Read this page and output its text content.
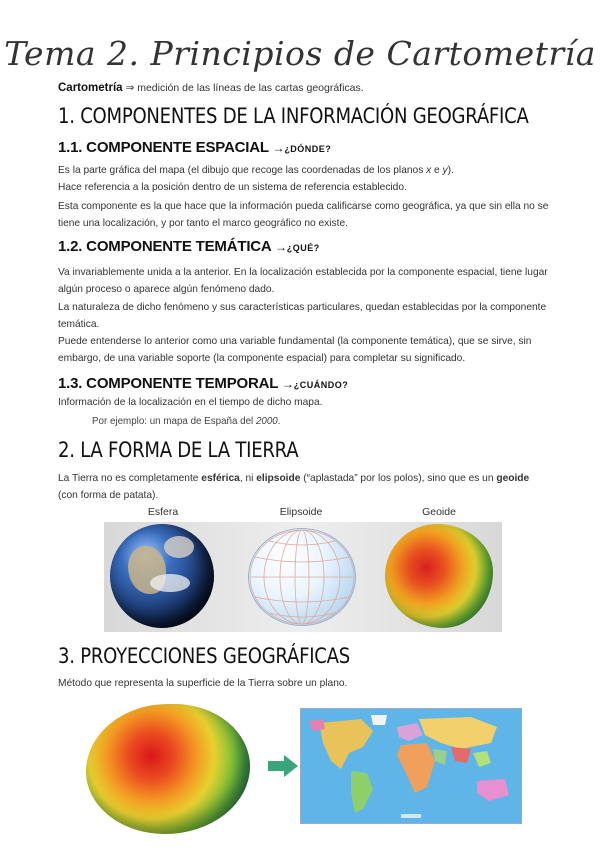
Tema 2. Principios de Cartometría
Cartometría ⇒ medición de las líneas de las cartas geográficas.
1. COMPONENTES DE LA INFORMACIÓN GEOGRÁFICA
1.1. COMPONENTE ESPACIAL →¿DÓNDE?
Es la parte gráfica del mapa (el dibujo que recoge las coordenadas de los planos x e y).
Hace referencia a la posición dentro de un sistema de referencia establecido.
Esta componente es la que hace que la información pueda calificarse como geográfica, ya que sin ella no se tiene una localización, y por tanto el marco geográfico no existe.
1.2. COMPONENTE TEMÁTICA →¿QUÉ?
Va invariablemente unida a la anterior. En la localización establecida por la componente espacial, tiene lugar algún proceso o aparece algún fenómeno dado.
La naturaleza de dicho fenómeno y sus características particulares, quedan establecidas por la componente temática.
Puede entenderse lo anterior como una variable fundamental (la componente temática), que se sirve, sin embargo, de una variable soporte (la componente espacial) para completar su significado.
1.3. COMPONENTE TEMPORAL →¿CUÁNDO?
Información de la localización en el tiempo de dicho mapa.
Por ejemplo: un mapa de España del 2000.
2. LA FORMA DE LA TIERRA
La Tierra no es completamente esférica, ni elipsoide (“aplastada” por los polos), sino que es un geoide (con forma de patata).
Esfera	Elipsoide	Geoide
3. PROYECCIONES GEOGRÁFICAS
Método que representa la superficie de la Tierra sobre un plano.
